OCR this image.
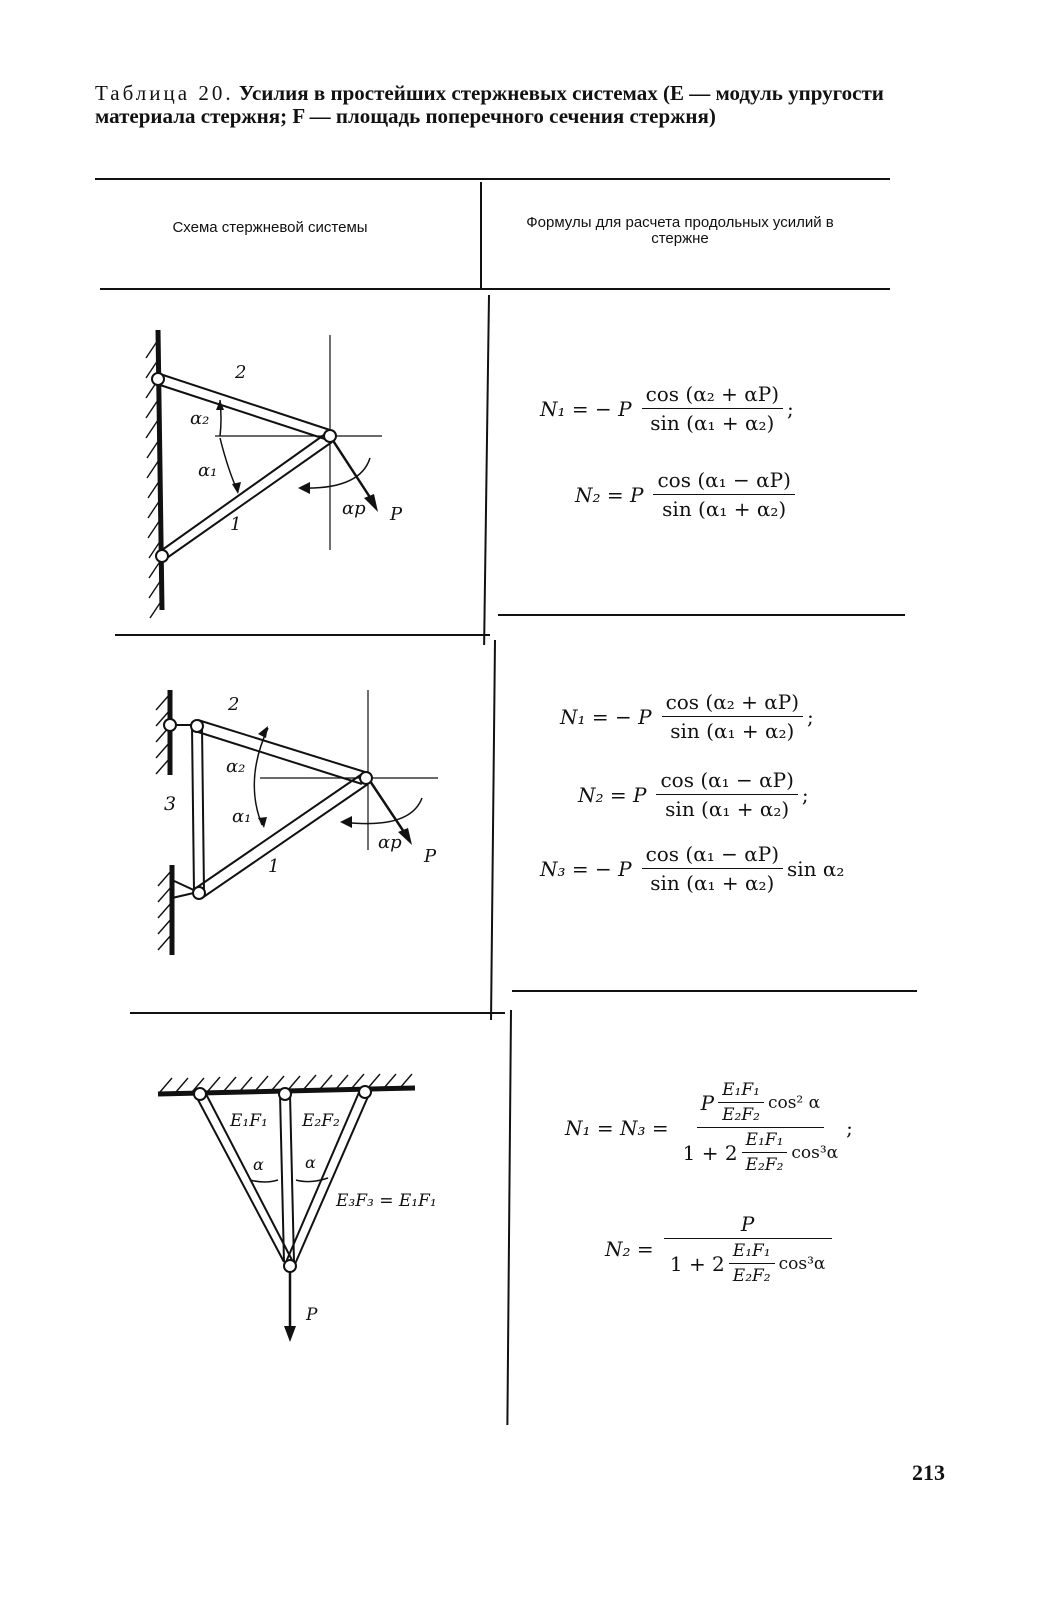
Таблица 20. Усилия в простейших стержневых системах (E — модуль упругости материала стержня; F — площадь поперечного сечения стержня)
Схема стержневой системы	Формулы для расчета продольных усилий в стержне
2
1
α₂
α₁
αp P
N₁ = − P $\frac{\text{cos (α₂ + αP)}}{\text{sin (α₁ + α₂)}}$ ;
N₂ = P $\frac{\text{cos (α₁ − αP)}}{\text{sin (α₁ + α₂)}}$
2
1
3
α₂
α₁
αp
P
N₁ = − P $\frac{\text{cos (α₂ + αP)}}{\text{sin (α₁ + α₂)}}$ ;
N₂ = P $\frac{\text{cos (α₁ − αP)}}{\text{sin (α₁ + α₂)}}$ ;
N₃ = − P $\frac{\text{cos (α₁ − αP)}}{\text{sin (α₁ + α₂)}}$ sin α₂
E₁F₁ E₂F₂
E₃F₃ = E₁F₁
α	α
P
$N_1 = N_3 = \frac{P \frac{\text{E₁F₁}}{\text{E₂F₂}} \cos^2 \alpha}{1 + 2 \frac{\text{E₁F₁}}{\text{E₂F₂}} \cos^3\alpha}$ ;
$N_2 = \frac{P}{1 + 2 \frac{\text{E₁F₁}}{\text{E₂F₂}} \cos^3\alpha}$
213
